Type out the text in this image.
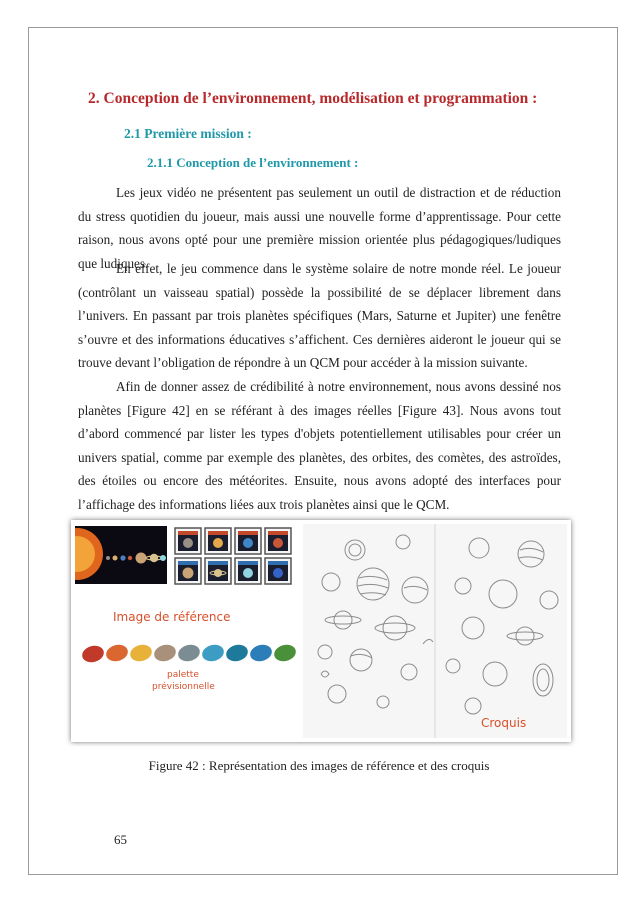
2. Conception de l’environnement, modélisation et programmation :
2.1 Première mission :
2.1.1 Conception de l’environnement :

Les jeux vidéo ne présentent pas seulement un outil de distraction et de réduction du stress quotidien du joueur, mais aussi une nouvelle forme d’apprentissage. Pour cette raison, nous avons opté pour une première mission orientée plus pédagogiques/ludiques que ludiques.

En effet, le jeu commence dans le système solaire de notre monde réel. Le joueur (contrôlant un vaisseau spatial) possède la possibilité de se déplacer librement dans l’univers. En passant par trois planètes spécifiques (Mars, Saturne et Jupiter) une fenêtre s’ouvre et des informations éducatives s’affichent. Ces dernières aideront le joueur qui se trouve devant l’obligation de répondre à un QCM pour accéder à la mission suivante.

Afin de donner assez de crédibilité à notre environnement, nous avons dessiné nos planètes [Figure 42] en se référant à des images réelles [Figure 43]. Nous avons tout d’abord commencé par lister les types d'objets potentiellement utilisables pour créer un univers spatial, comme par exemple des planètes, des orbites, des comètes, des astroïdes, des étoiles ou encore des météorites. Ensuite, nous avons adopté des interfaces pour l’affichage des informations liées aux trois planètes ainsi que le QCM.

Image de référence
palette
prévisionnelle
Croquis
Figure 42 : Représentation des images de référence et des croquis
65
